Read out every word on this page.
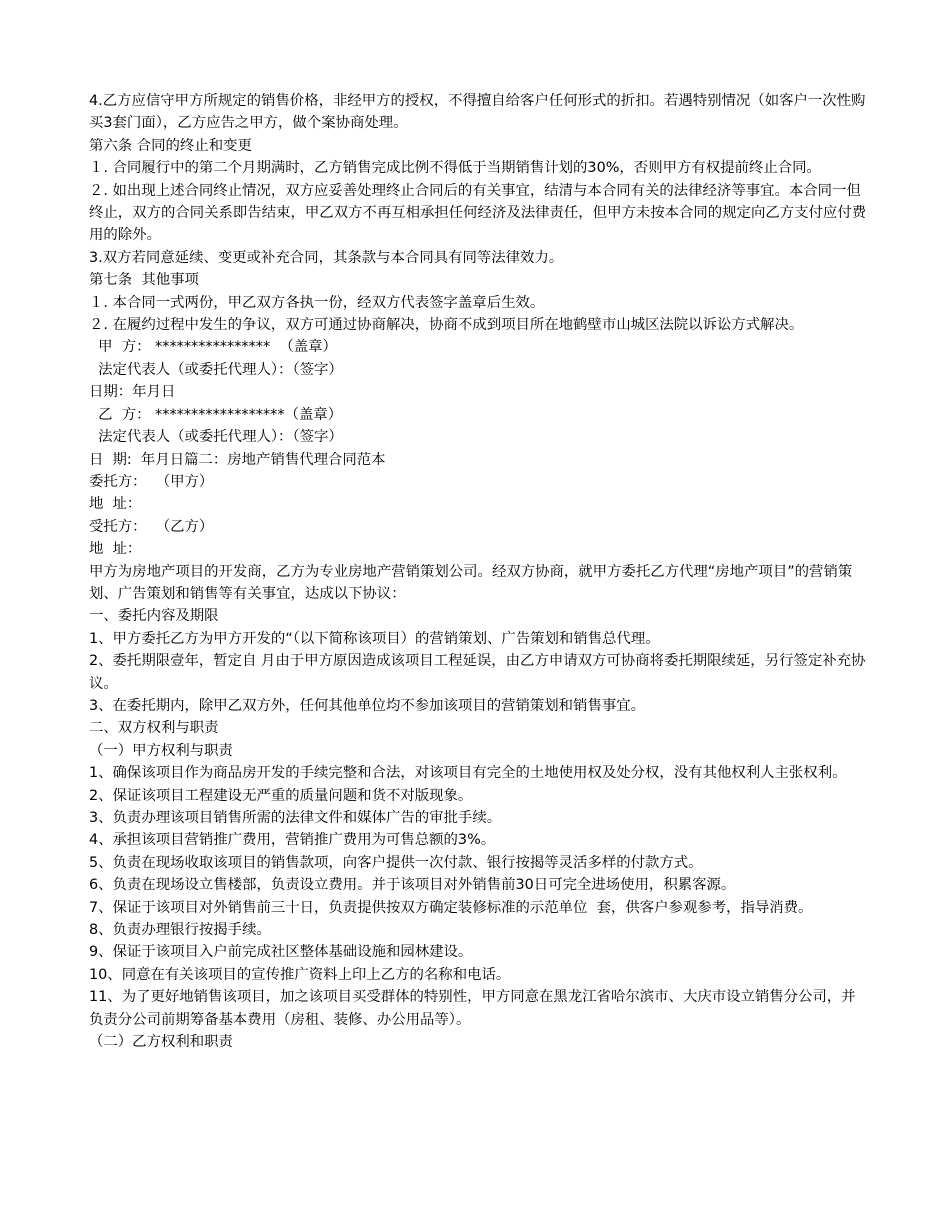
4.乙方应信守甲方所规定的销售价格，非经甲方的授权，不得擅自给客户任何形式的折扣。若遇特别情况（如客户一次性购买3套门面），乙方应告之甲方，做个案协商处理。
第六条 合同的终止和变更
１. 合同履行中的第二个月期满时，乙方销售完成比例不得低于当期销售计划的30%，否则甲方有权提前终止合同。
２. 如出现上述合同终止情况，双方应妥善处理终止合同后的有关事宜，结清与本合同有关的法律经济等事宜。本合同一但终止，双方的合同关系即告结束，甲乙双方不再互相承担任何经济及法律责任，但甲方未按本合同的规定向乙方支付应付费用的除外。
3.双方若同意延续、变更或补充合同，其条款与本合同具有同等法律效力。
第七条  其他事项
１. 本合同一式两份，甲乙双方各执一份，经双方代表签字盖章后生效。
２. 在履约过程中发生的争议，双方可通过协商解决，协商不成到项目所在地鹤壁市山城区法院以诉讼方式解决。
甲  方： ****************  （盖章）
法定代表人（或委托代理人）：（签字）
日期：年月日
乙  方： ******************（盖章）
法定代表人（或委托代理人）：（签字）
日  期:  年月日篇二：房地产销售代理合同范本
委托方：  （甲方）
地  址：
受托方：  （乙方）
地  址：
甲方为房地产项目的开发商，乙方为专业房地产营销策划公司。经双方协商，就甲方委托乙方代理“房地产项目”的营销策划、广告策划和销售等有关事宜，达成以下协议：
一、委托内容及期限
1、甲方委托乙方为甲方开发的“（以下简称该项目）的营销策划、广告策划和销售总代理。
2、委托期限壹年，暂定自 月由于甲方原因造成该项目工程延误，由乙方申请双方可协商将委托期限续延，另行签定补充协议。
3、在委托期内，除甲乙双方外，任何其他单位均不参加该项目的营销策划和销售事宜。
二、双方权利与职责
（一）甲方权利与职责
1、确保该项目作为商品房开发的手续完整和合法，对该项目有完全的土地使用权及处分权，没有其他权利人主张权利。
2、保证该项目工程建设无严重的质量问题和货不对版现象。
3、负责办理该项目销售所需的法律文件和媒体广告的审批手续。
4、承担该项目营销推广费用，营销推广费用为可售总额的3%。
5、负责在现场收取该项目的销售款项，向客户提供一次付款、银行按揭等灵活多样的付款方式。
6、负责在现场设立售楼部，负责设立费用。并于该项目对外销售前30日可完全进场使用，积累客源。
7、保证于该项目对外销售前三十日，负责提供按双方确定装修标准的示范单位  套，供客户参观参考，指导消费。
8、负责办理银行按揭手续。
9、保证于该项目入户前完成社区整体基础设施和园林建设。
10、同意在有关该项目的宣传推广资料上印上乙方的名称和电话。
11、为了更好地销售该项目，加之该项目买受群体的特别性，甲方同意在黑龙江省哈尔滨市、大庆市设立销售分公司，并负责分公司前期筹备基本费用（房租、装修、办公用品等）。
（二）乙方权利和职责
